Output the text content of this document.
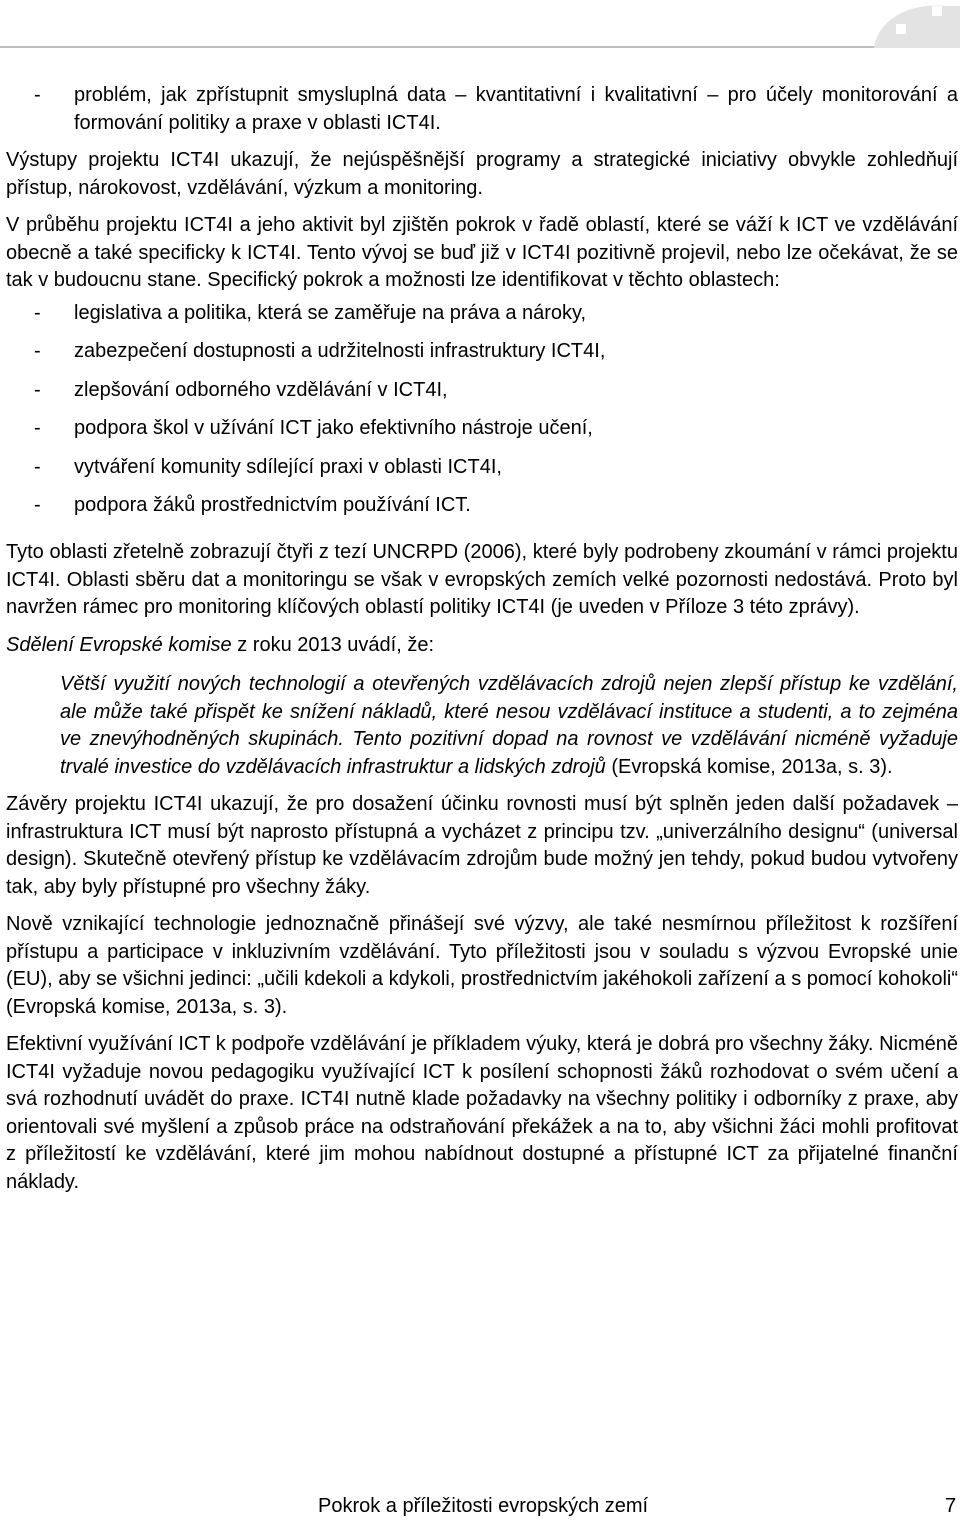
-	problém, jak zpřístupnit smysluplná data – kvantitativní i kvalitativní – pro účely monitorování a formování politiky a praxe v oblasti ICT4I.

Výstupy projektu ICT4I ukazují, že nejúspěšnější programy a strategické iniciativy obvykle zohledňují přístup, nárokovost, vzdělávání, výzkum a monitoring.

V průběhu projektu ICT4I a jeho aktivit byl zjištěn pokrok v řadě oblastí, které se váží k ICT ve vzdělávání obecně a také specificky k ICT4I. Tento vývoj se buď již v ICT4I pozitivně projevil, nebo lze očekávat, že se tak v budoucnu stane. Specifický pokrok a možnosti lze identifikovat v těchto oblastech:

-	legislativa a politika, která se zaměřuje na práva a nároky,
-	zabezpečení dostupnosti a udržitelnosti infrastruktury ICT4I,
-	zlepšování odborného vzdělávání v ICT4I,
-	podpora škol v užívání ICT jako efektivního nástroje učení,
-	vytváření komunity sdílející praxi v oblasti ICT4I,
-	podpora žáků prostřednictvím používání ICT.

Tyto oblasti zřetelně zobrazují čtyři z tezí UNCRPD (2006), které byly podrobeny zkoumání v rámci projektu ICT4I. Oblasti sběru dat a monitoringu se však v evropských zemích velké pozornosti nedostává. Proto byl navržen rámec pro monitoring klíčových oblastí politiky ICT4I (je uveden v Příloze 3 této zprávy).

Sdělení Evropské komise z roku 2013 uvádí, že:

Větší využití nových technologií a otevřených vzdělávacích zdrojů nejen zlepší přístup ke vzdělání, ale může také přispět ke snížení nákladů, které nesou vzdělávací instituce a studenti, a to zejména ve znevýhodněných skupinách. Tento pozitivní dopad na rovnost ve vzdělávání nicméně vyžaduje trvalé investice do vzdělávacích infrastruktur a lidských zdrojů (Evropská komise, 2013a, s. 3).

Závěry projektu ICT4I ukazují, že pro dosažení účinku rovnosti musí být splněn jeden další požadavek – infrastruktura ICT musí být naprosto přístupná a vycházet z principu tzv. „univerzálního designu“ (universal design). Skutečně otevřený přístup ke vzdělávacím zdrojům bude možný jen tehdy, pokud budou vytvořeny tak, aby byly přístupné pro všechny žáky.

Nově vznikající technologie jednoznačně přinášejí své výzvy, ale také nesmírnou příležitost k rozšíření přístupu a participace v inkluzivním vzdělávání. Tyto příležitosti jsou v souladu s výzvou Evropské unie (EU), aby se všichni jedinci: „učili kdekoli a kdykoli, prostřednictvím jakéhokoli zařízení a s pomocí kohokoli“ (Evropská komise, 2013a, s. 3).

Efektivní využívání ICT k podpoře vzdělávání je příkladem výuky, která je dobrá pro všechny žáky. Nicméně ICT4I vyžaduje novou pedagogiku využívající ICT k posílení schopnosti žáků rozhodovat o svém učení a svá rozhodnutí uvádět do praxe. ICT4I nutně klade požadavky na všechny politiky i odborníky z praxe, aby orientovali své myšlení a způsob práce na odstraňování překážek a na to, aby všichni žáci mohli profitovat z příležitostí ke vzdělávání, které jim mohou nabídnout dostupné a přístupné ICT za přijatelné finanční náklady.

Pokrok a příležitosti evropských zemí	7
